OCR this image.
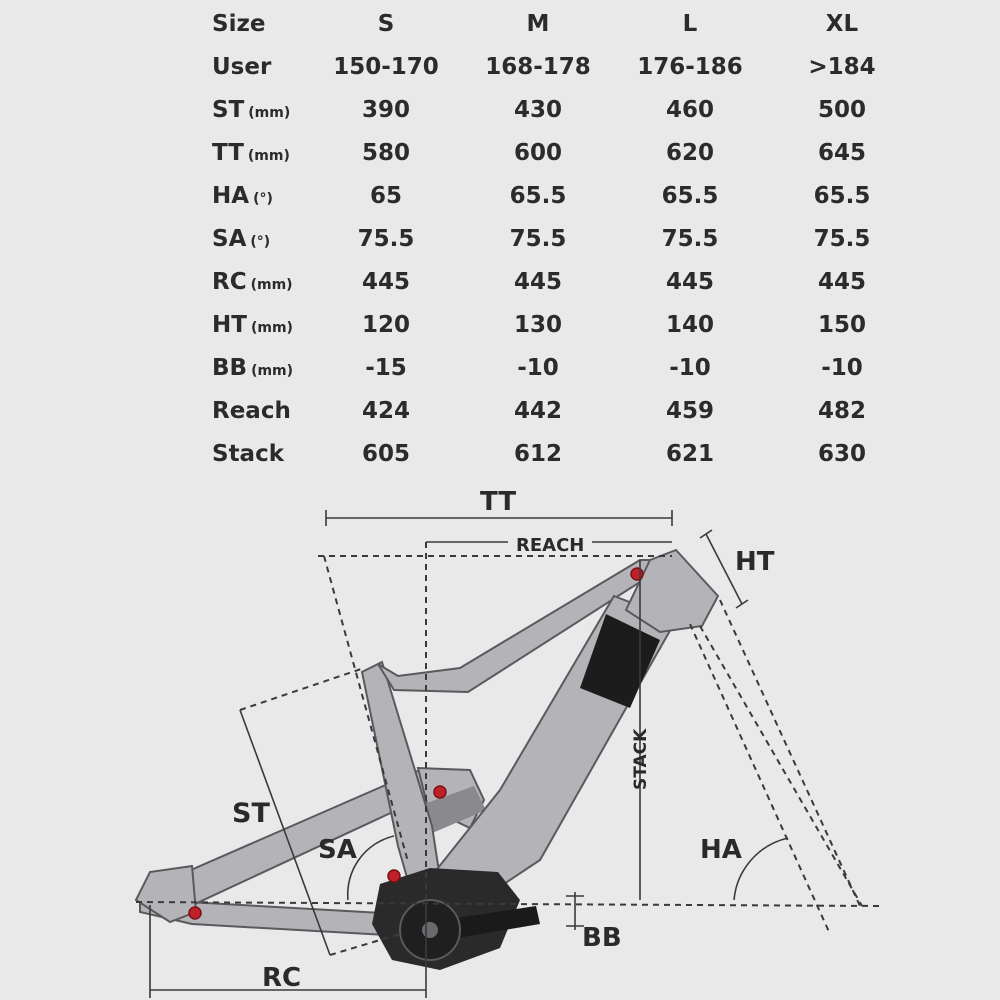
Size	S	M	L	XL
User	150-170	168-178	176-186	>184
ST (mm)	390	430	460	500
TT (mm)	580	600	620	645
HA (°)	65	65.5	65.5	65.5
SA (°)	75.5	75.5	75.5	75.5
RC (mm)	445	445	445	445
HT (mm)	120	130	140	150
BB (mm)	-15	-10	-10	-10
Reach	424	442	459	482
Stack	605	612	621	630
TT
REACH
HT
STACK
ST
SA	HA
BB
RC
